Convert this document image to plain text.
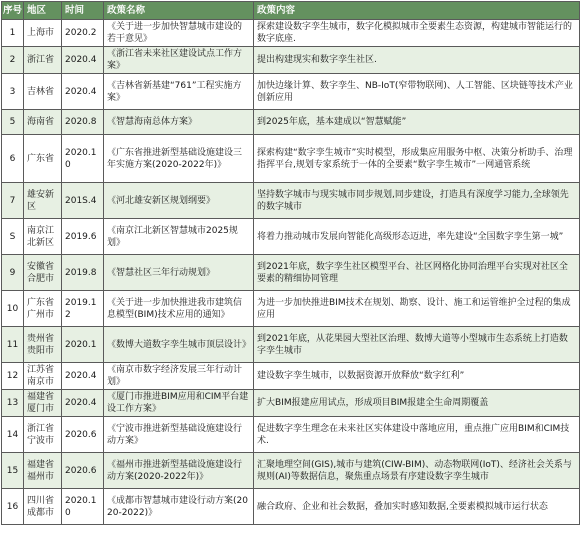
序号	地区	时间	政策名称	政策内容
1	上海市	2020.2	《关于进一步加快智慧城市建设的若干意见》	探索建设数字孪生城市，数字化模拟城市全要素生态资源，构建城市智能运行的数字底座.
2	浙江省	2020.4	《浙江省未来社区建设试点工作方案》	提出构建现实和数字孪生社区.
3	吉林省	2020.4	《吉林省新基建“761”工程实施方案》	加快边缘计算、数字孪生、NB-IoT(窄带物联网)、人工智能、区块链等技术产业创新应用
5	海南省	2020.8	《智慧海南总体方案》	到2025年底，基本建成以“智慧赋能”
6	广东省	2020.10	《广东省推进新型基础设施建设三年实施方案(2020-2022年)》	探索构建“数字孪生城市”实时模型，形成集应用服务中枢、决策分析助手、治理指挥平台,规划专家系统于一体的全要素“数字孪生城市”一网通管系统
7	雄安新区	201S.4	《河北雄安新区规划纲要》	坚持数字城市与现实城市同步规划,同步建设，打造具有深度学习能力,全球领先的数字城市
S	南京江北新区	2019.6	《南京江北新区智慧城市2025规划》	将着力推动城市发展向智能化高级形态迈进，率先建设“全国数字孪生第一城”
9	安徽省合肥市	2019.8	《智慧社区三年行动规划》	到2021年底，数字孪生社区模型平台、社区网格化协同治理平台实现对社区全要素的精细协同管理
10	广东省广州市	2019.12	《关于进一步加快推进我市建筑信息模型(BIM)技术应用的通知》	为进一步加快推进BIM技术在规划、勘察、设计、施工和运管维护全过程的集成应用
11	贵州省贵阳市	2020.1	《数博大道数字孪生城市顶层设计》	到2021年底，从花果园大型社区治理、数博大道等小型城市生态系统上打造数字孪生城市
12	江苏省南京市	2020.4	《南京市数字经济发展三年行动计划》	建设数字孪生城市，以数据资源开放释放“数字红利”
13	福建省厦门市	2020.4	《厦门市推进BIM应用和CIM平台建设工作方案》	扩大BIM报建应用试点，形成项目BIM报建全生命周期覆盖
14	浙江省宁波市	2020.6	《宁波市推进新型基础设施建设行动方案》	促进数字孪生理念在未来社区实体建设中落地应用，重点推广应用BIM和CIM技术.
15	福建省福州市	2020.6	《福州市推进新型基础设施建设行动方案(2020-2022年)》	汇聚地理空间(GIS),城市与建筑(CIW-BIM)、动态物联网(IoT)、经济社会关系与规则(AI)等数据信息，聚焦重点场景有序建设数字孪生城市
16	四川省成都市	2020.10	《成都市智慧城市建设行动方案(2020-2022)》	融合政府、企业和社会数据，叠加实时感知数据,全要素模拟城市运行状态
